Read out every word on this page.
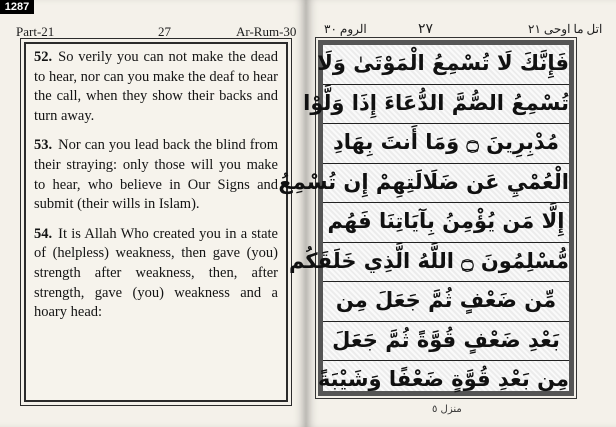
1287
Part-21	27	Ar-Rum-30

52. So verily you can not make the dead to hear, nor can you make the deaf to hear the call, when they show their backs and turn away.

53. Nor can you lead back the blind from their straying: only those will you make to hear, who believe in Our Signs and submit (their wills in Islam).

54. It is Allah Who created you in a state of (helpless) weakness, then gave (you) strength after weakness, then, after strength, gave (you) weakness and a hoary head:

الروم ٣٠	٢٧	اتل ما اوحی ٢١
فَإِنَّكَ لَا تُسْمِعُ الْمَوْتَىٰ وَلَا
تُسْمِعُ الصُّمَّ الدُّعَاءَ إِذَا وَلَّوْا
مُدْبِرِينَ ۝ وَمَا أَنتَ بِهَادِ
الْعُمْيِ عَن ضَلَالَتِهِمْ إِن تُسْمِعُ
إِلَّا مَن يُؤْمِنُ بِآيَاتِنَا فَهُم
مُّسْلِمُونَ ۝ اللَّهُ الَّذِي خَلَقَكُم
مِّن ضَعْفٍ ثُمَّ جَعَلَ مِن
بَعْدِ ضَعْفٍ قُوَّةً ثُمَّ جَعَلَ
مِن بَعْدِ قُوَّةٍ ضَعْفًا وَشَيْبَةً
منزل ٥
